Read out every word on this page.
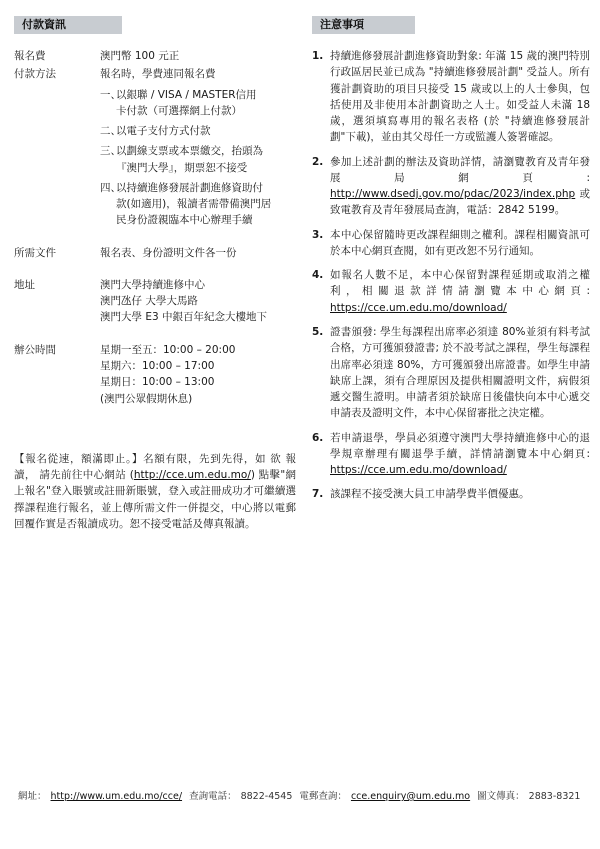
付款資訊
報名費	澳門幣 100 元正
付款方法	報名時，學費連同報名費
一、
以銀聯 / VISA / MASTER信用
卡付款（可選擇網上付款）
二、
以電子支付方式付款
三、
以劃線支票或本票繳交，抬頭為
『澳門大學』，期票恕不接受
四、
以持續進修發展計劃進修資助付
款(如適用)，報讀者需帶備澳門居
民身份證親臨本中心辦理手續
所需文件	報名表、身份證明文件各一份
地址	澳門大學持續進修中心
澳門氹仔 大學大馬路
澳門大學 E3 中銀百年紀念大樓地下
辦公時間	星期一至五：10:00 – 20:00
星期六：10:00 – 17:00
星期日：10:00 – 13:00
(澳門公眾假期休息)
【報名從速，額滿即止。】名額有限，先到先得，如 欲 報 讀， 請先前往中心網站 (http://cce.um.edu.mo/) 點擊"網上報名"登入賬號或註冊新賬號，登入或註冊成功才可繼續選擇課程進行報名，並上傳所需文件一併提交，中心將以電郵回覆作實是否報讀成功。恕不接受電話及傳真報讀。
注意事項
1. 持續進修發展計劃進修資助對象: 年滿 15 歲的澳門特別行政區居民並已成為 "持續進修發展計劃" 受益人。所有獲計劃資助的項目只接受 15 歲或以上的人士參與，包括使用及非使用本計劃資助之人士。如受益人未滿 18 歲，選須填寫專用的報名表格 (於 "持續進修發展計劃"下載)，並由其父母任一方或監護人簽署確認。
2. 參加上述計劃的辦法及資助詳情，請瀏覽教育及青年發展局網頁: http://www.dsedj.gov.mo/pdac/2023/index.php 或致電教育及青年發展局查詢，電話：2842 5199。
3. 本中心保留隨時更改課程細則之權利。課程相關資訊可於本中心網頁查閱，如有更改恕不另行通知。
4. 如報名人數不足，本中心保留對課程延期或取消之權利，相關退款詳情請瀏覽本中心網頁: https://cce.um.edu.mo/download/
5. 證書頒發: 學生每課程出席率必須達 80%並須有料考試合格，方可獲頒發證書; 於不設考試之課程，學生每課程出席率必須達 80%，方可獲頒發出席證書。如學生申請缺席上課，須有合理原因及提供相關證明文件，病假須遞交醫生證明。申請者須於缺席日後儘快向本中心遞交申請表及證明文件，本中心保留審批之決定權。
6. 若申請退學，學員必須遵守澳門大學持續進修中心的退學規章辦理有關退學手續，詳情請瀏覽本中心網頁: https://cce.um.edu.mo/download/
7. 該課程不接受澳大員工申請學費半價優惠。
網址： http://www.um.edu.mo/cce/ 查詢電話： 8822-4545 電郵查詢： cce.enquiry@um.edu.mo 圖文傳真： 2883-8321
